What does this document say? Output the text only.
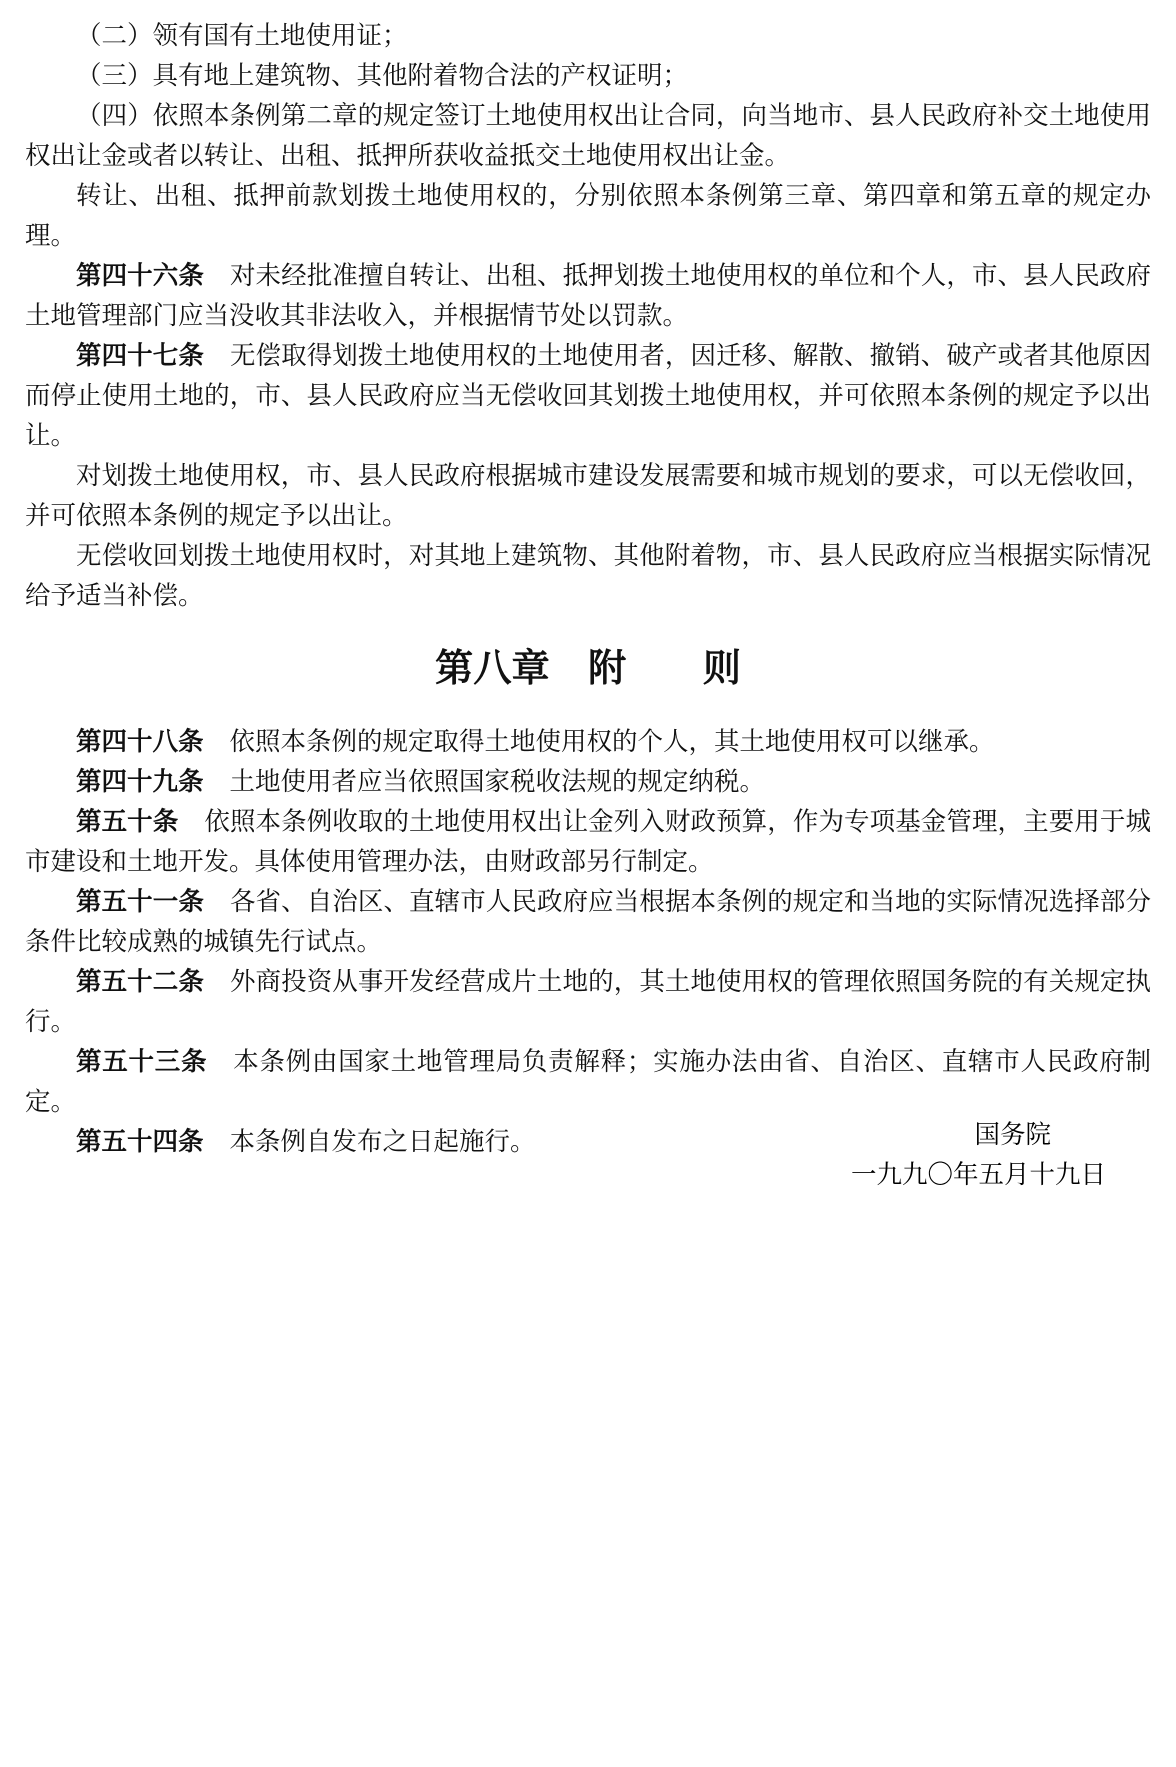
（二）领有国有土地使用证；

（三）具有地上建筑物、其他附着物合法的产权证明；

（四）依照本条例第二章的规定签订土地使用权出让合同，向当地市、县人民政府补交土地使用权出让金或者以转让、出租、抵押所获收益抵交土地使用权出让金。

转让、出租、抵押前款划拨土地使用权的，分别依照本条例第三章、第四章和第五章的规定办理。

第四十六条 对未经批准擅自转让、出租、抵押划拨土地使用权的单位和个人，市、县人民政府土地管理部门应当没收其非法收入，并根据情节处以罚款。

第四十七条 无偿取得划拨土地使用权的土地使用者，因迁移、解散、撤销、破产或者其他原因而停止使用土地的，市、县人民政府应当无偿收回其划拨土地使用权，并可依照本条例的规定予以出让。

对划拨土地使用权，市、县人民政府根据城市建设发展需要和城市规划的要求，可以无偿收回，并可依照本条例的规定予以出让。

无偿收回划拨土地使用权时，对其地上建筑物、其他附着物，市、县人民政府应当根据实际情况给予适当补偿。

第八章　附　　则

第四十八条 依照本条例的规定取得土地使用权的个人，其土地使用权可以继承。

第四十九条 土地使用者应当依照国家税收法规的规定纳税。

第五十条 依照本条例收取的土地使用权出让金列入财政预算，作为专项基金管理，主要用于城市建设和土地开发。具体使用管理办法，由财政部另行制定。

第五十一条 各省、自治区、直辖市人民政府应当根据本条例的规定和当地的实际情况选择部分条件比较成熟的城镇先行试点。

第五十二条 外商投资从事开发经营成片土地的，其土地使用权的管理依照国务院的有关规定执行。

第五十三条 本条例由国家土地管理局负责解释；实施办法由省、自治区、直辖市人民政府制定。

第五十四条 本条例自发布之日起施行。	国务院
一九九〇年五月十九日
